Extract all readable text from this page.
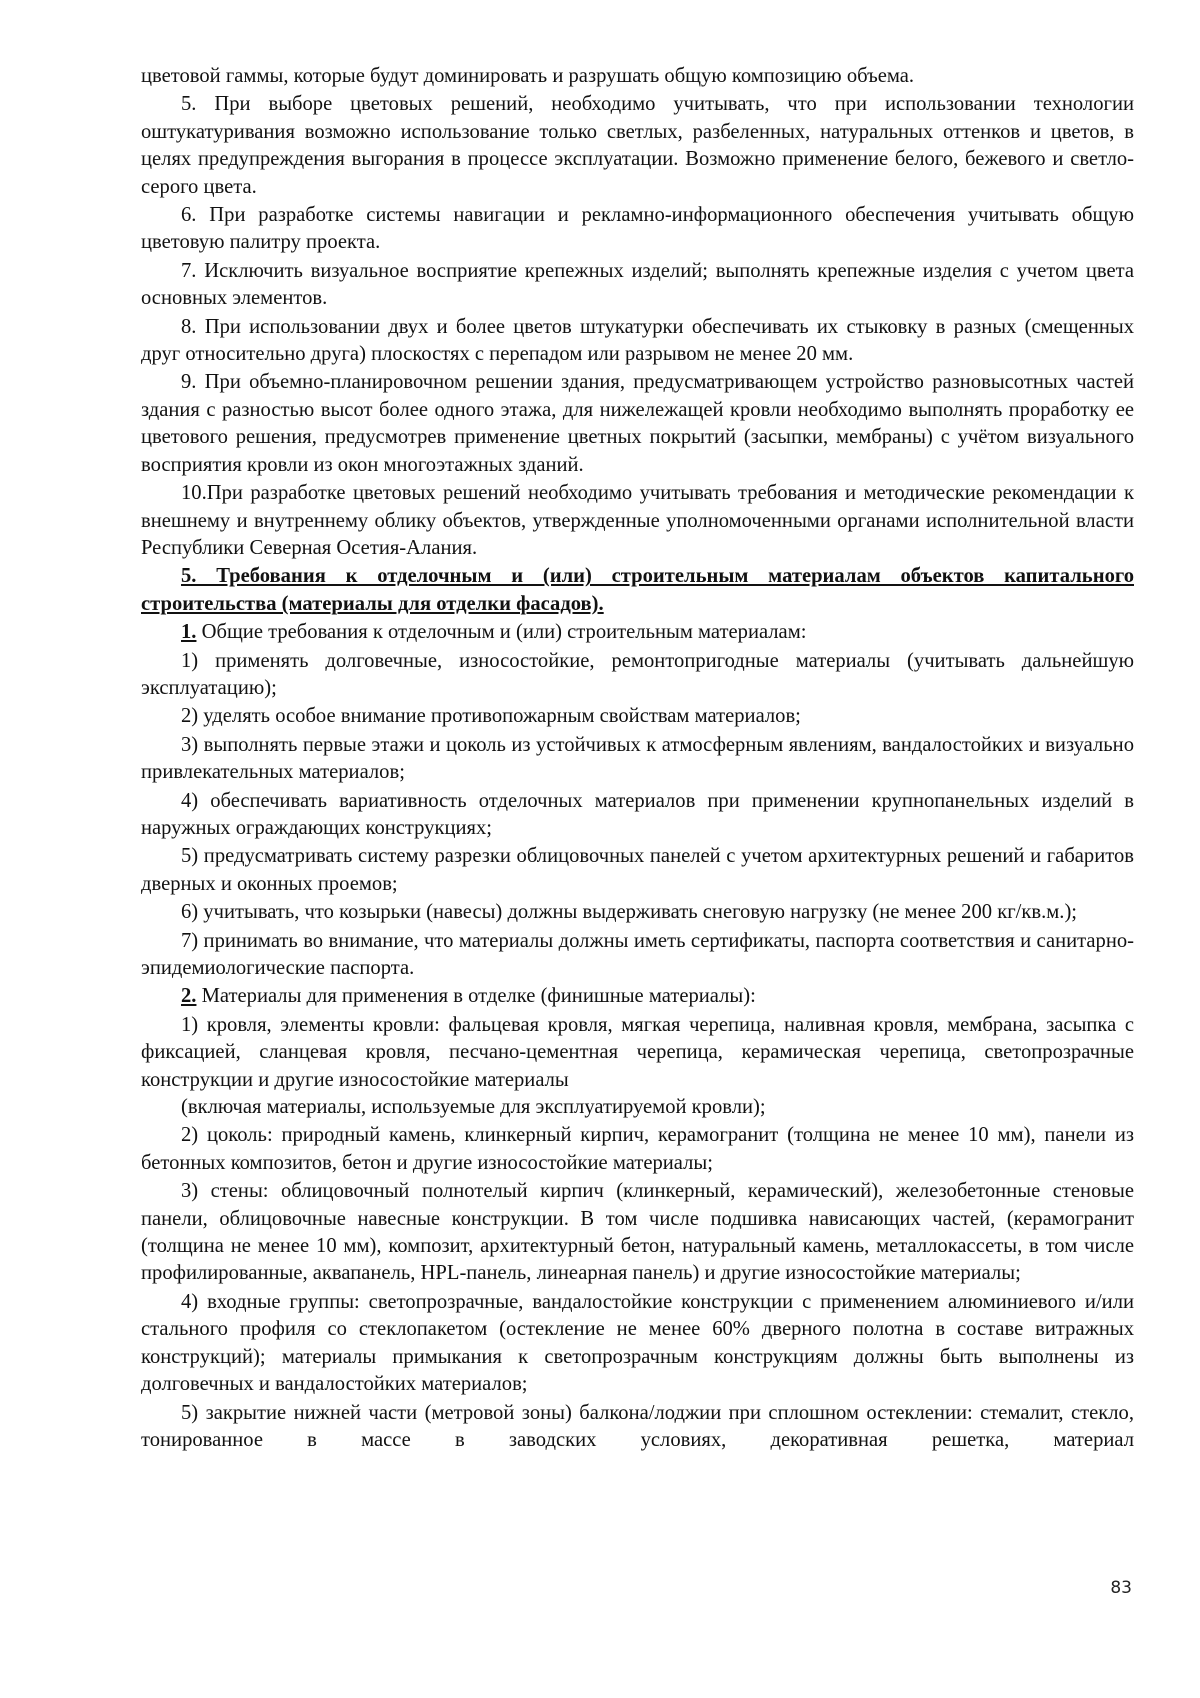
цветовой гаммы, которые будут доминировать и разрушать общую композицию объема.

5. При выборе цветовых решений, необходимо учитывать, что при использовании технологии оштукатуривания возможно использование только светлых, разбеленных, натуральных оттенков и цветов, в целях предупреждения выгорания в процессе эксплуатации. Возможно применение белого, бежевого и светло-серого цвета.

6. При разработке системы навигации и рекламно-информационного обеспечения учитывать общую цветовую палитру проекта.

7. Исключить визуальное восприятие крепежных изделий; выполнять крепежные изделия с учетом цвета основных элементов.

8. При использовании двух и более цветов штукатурки обеспечивать их стыковку в разных (смещенных друг относительно друга) плоскостях с перепадом или разрывом не менее 20 мм.

9. При объемно-планировочном решении здания, предусматривающем устройство разновысотных частей здания с разностью высот более одного этажа, для нижележащей кровли необходимо выполнять проработку ее цветового решения, предусмотрев применение цветных покрытий (засыпки, мембраны) с учётом визуального восприятия кровли из окон многоэтажных зданий.

10.При разработке цветовых решений необходимо учитывать требования и методические рекомендации к внешнему и внутреннему облику объектов, утвержденные уполномоченными органами исполнительной власти Республики Северная Осетия-Алания.

5. Требования к отделочным и (или) строительным материалам объектов капитального строительства (материалы для отделки фасадов).

1. Общие требования к отделочным и (или) строительным материалам:

1) применять долговечные, износостойкие, ремонтопригодные материалы (учитывать дальнейшую эксплуатацию);

2) уделять особое внимание противопожарным свойствам материалов;

3) выполнять первые этажи и цоколь из устойчивых к атмосферным явлениям, вандалостойких и визуально привлекательных материалов;

4) обеспечивать вариативность отделочных материалов при применении крупнопанельных изделий в наружных ограждающих конструкциях;

5) предусматривать систему разрезки облицовочных панелей с учетом архитектурных решений и габаритов дверных и оконных проемов;

6) учитывать, что козырьки (навесы) должны выдерживать снеговую нагрузку (не менее 200 кг/кв.м.);

7) принимать во внимание, что материалы должны иметь сертификаты, паспорта соответствия и санитарно-эпидемиологические паспорта.

2. Материалы для применения в отделке (финишные материалы):

1) кровля, элементы кровли: фальцевая кровля, мягкая черепица, наливная кровля, мембрана, засыпка с фиксацией, сланцевая кровля, песчано-цементная черепица, керамическая черепица, светопрозрачные конструкции и другие износостойкие материалы

(включая материалы, используемые для эксплуатируемой кровли);

2) цоколь: природный камень, клинкерный кирпич, керамогранит (толщина не менее 10 мм), панели из бетонных композитов, бетон и другие износостойкие материалы;

3) стены: облицовочный полнотелый кирпич (клинкерный, керамический), железобетонные стеновые панели, облицовочные навесные конструкции. В том числе подшивка нависающих частей, (керамогранит (толщина не менее 10 мм), композит, архитектурный бетон, натуральный камень, металлокассеты, в том числе профилированные, аквапанель, HPL-панель, линеарная панель) и другие износостойкие материалы;

4) входные группы: светопрозрачные, вандалостойкие конструкции с применением алюминиевого и/или стального профиля со стеклопакетом (остекление не менее 60% дверного полотна в составе витражных конструкций); материалы примыкания к светопрозрачным конструкциям должны быть выполнены из долговечных и вандалостойких материалов;

5) закрытие нижней части (метровой зоны) балкона/лоджии при сплошном остеклении: стемалит, стекло, тонированное в массе в заводских условиях, декоративная решетка, материал

83
